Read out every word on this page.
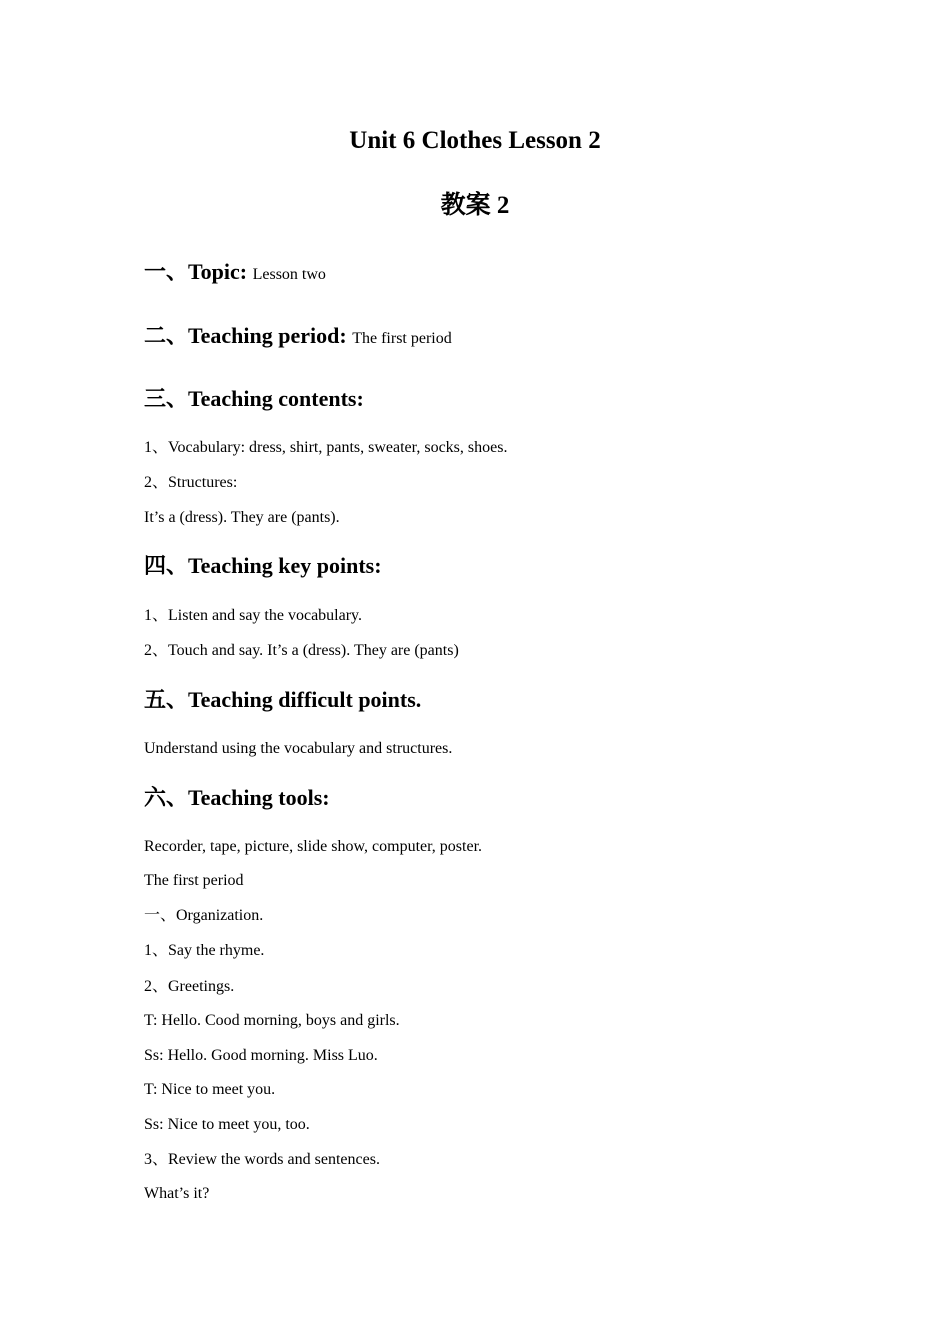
Unit 6 Clothes Lesson 2
教案 2
一、Topic: Lesson two
二、Teaching period: The first period
三、Teaching contents:
1、Vocabulary: dress, shirt, pants, sweater, socks, shoes.
2、Structures:
It’s a (dress). They are (pants).
四、Teaching key points:
1、Listen and say the vocabulary.
2、Touch and say. It’s a (dress). They are (pants)
五、Teaching difficult points.
Understand using the vocabulary and structures.
六、Teaching tools:
Recorder, tape, picture, slide show, computer, poster.
The first period
一、Organization.
1、Say the rhyme.
2、Greetings.
T: Hello. Cood morning, boys and girls.
Ss: Hello. Good morning. Miss Luo.
T: Nice to meet you.
Ss: Nice to meet you, too.
3、Review the words and sentences.
What’s it?
